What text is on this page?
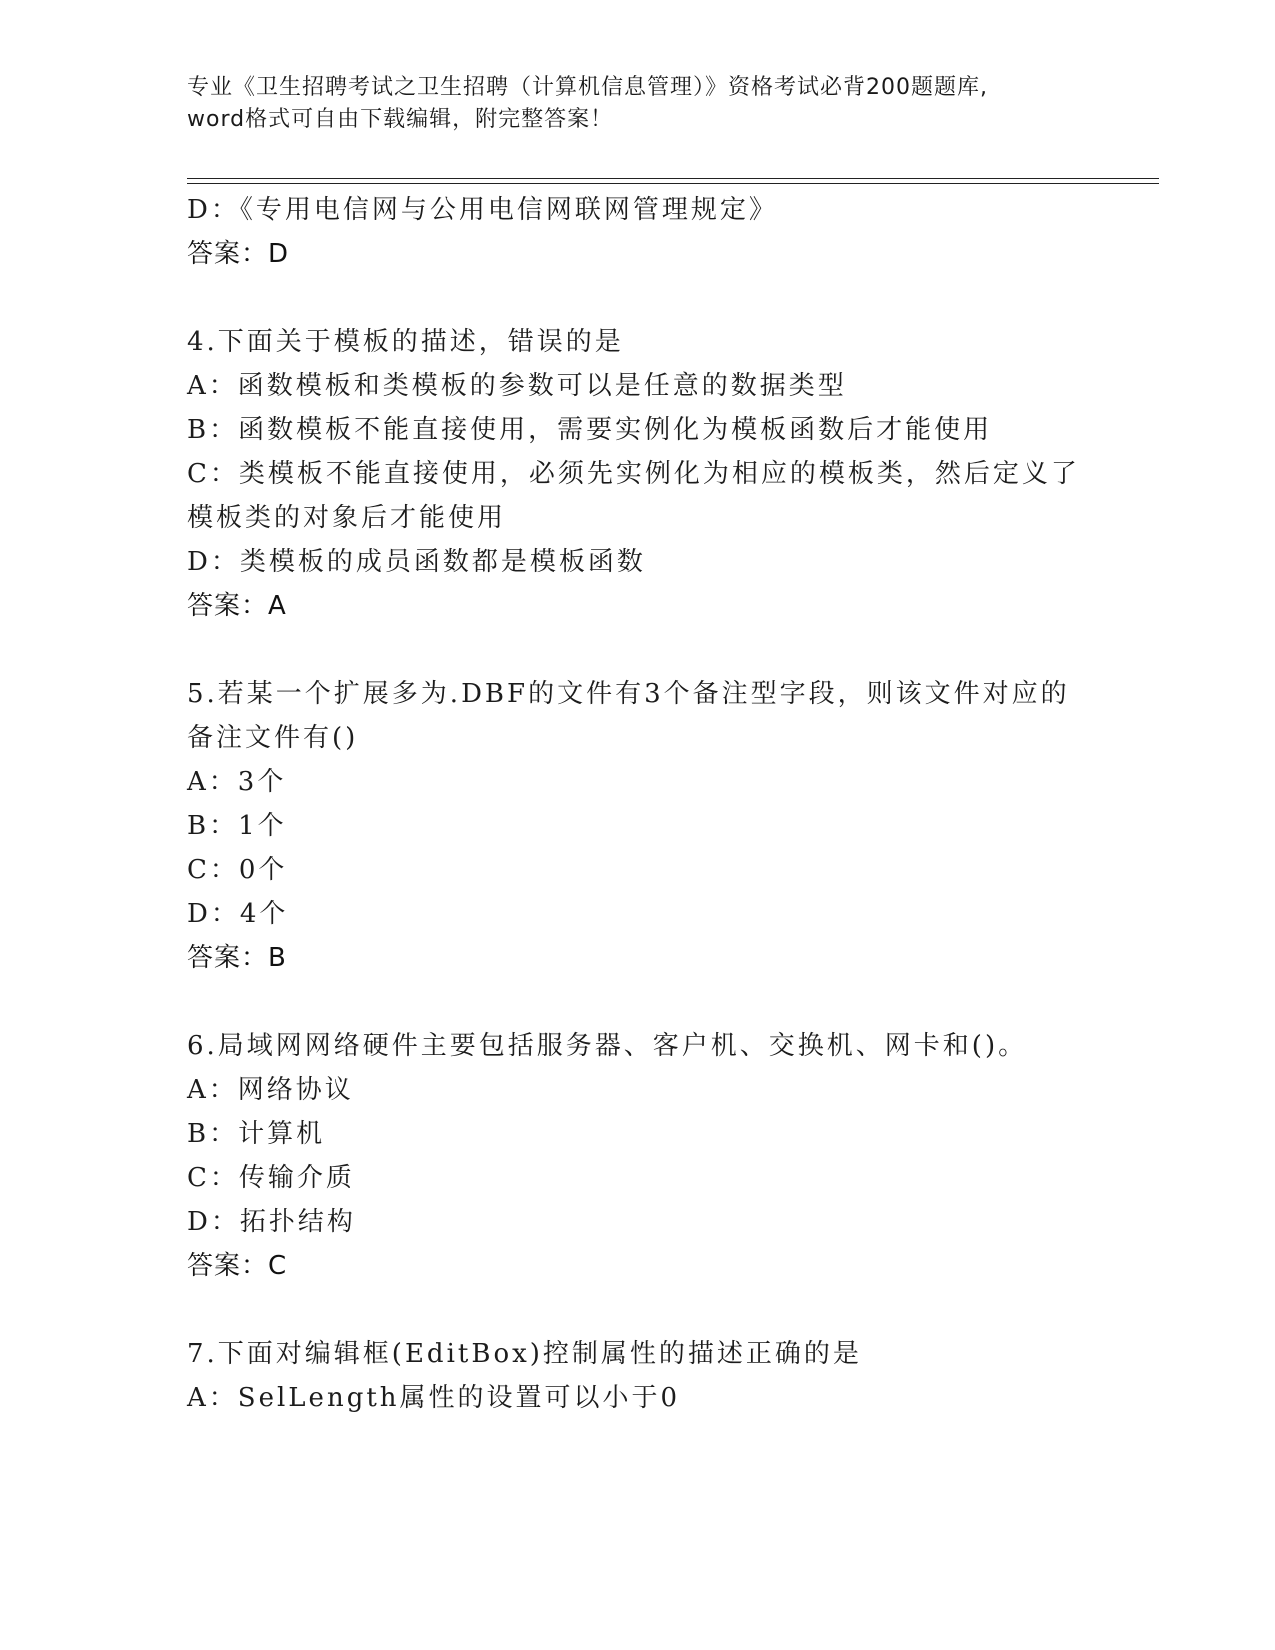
专业《卫生招聘考试之卫生招聘（计算机信息管理）》资格考试必背200题题库,
word格式可自由下载编辑，附完整答案！
D：《专用电信网与公用电信网联网管理规定》
答案：D
4.下面关于模板的描述，错误的是
A：函数模板和类模板的参数可以是任意的数据类型
B：函数模板不能直接使用，需要实例化为模板函数后才能使用
C：类模板不能直接使用，必须先实例化为相应的模板类，然后定义了
模板类的对象后才能使用
D：类模板的成员函数都是模板函数
答案：A
5.若某一个扩展多为.DBF的文件有3个备注型字段，则该文件对应的
备注文件有()
A：3个
B：1个
C：0个
D：4个
答案：B
6.局域网网络硬件主要包括服务器、客户机、交换机、网卡和()。
A：网络协议
B：计算机
C：传输介质
D：拓扑结构
答案：C
7.下面对编辑框(EditBox)控制属性的描述正确的是
A：SelLength属性的设置可以小于0
